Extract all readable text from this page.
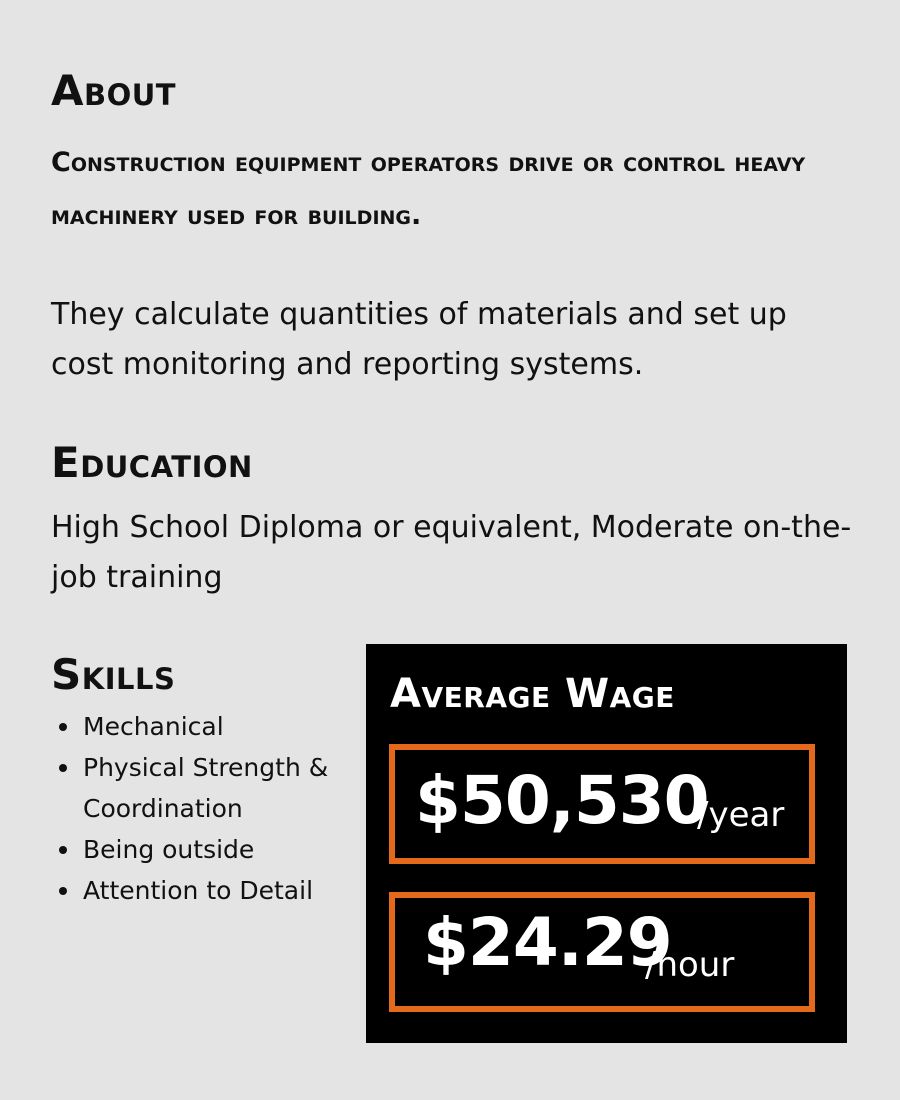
About

Construction equipment operators drive or control heavy machinery used for building.

They calculate quantities of materials and set up cost monitoring and reporting systems.

Education

High School Diploma or equivalent, Moderate on-the-job training

Skills
Mechanical
Physical Strength & Coordination
Being outside
Attention to Detail
Average Wage
$50,530
/year
$24.29
/hour
